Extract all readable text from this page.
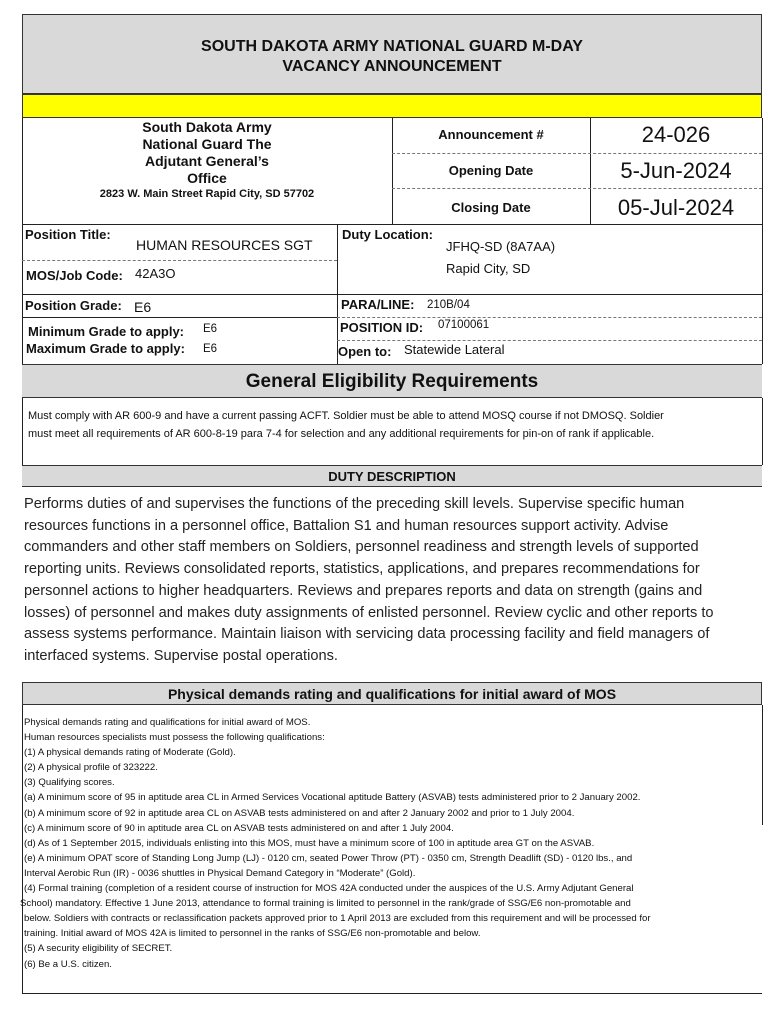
SOUTH DAKOTA ARMY NATIONAL GUARD M-DAY
VACANCY ANNOUNCEMENT
South Dakota Army
National Guard The
Adjutant General’s
Office
2823 W. Main Street Rapid City, SD 57702
Announcement #	24-026
Opening Date	5-Jun-2024
Closing Date	05-Jul-2024
Position Title:
HUMAN RESOURCES SGT
Duty Location:
JFHQ-SD (8A7AA)
Rapid City, SD
MOS/Job Code: 42A3O
Position Grade: E6	PARA/LINE: 210B/04
Minimum Grade to apply: E6
Maximum Grade to apply: E6
POSITION ID: 07100061
Open to: Statewide Lateral
General Eligibility Requirements
Must comply with AR 600-9 and have a current passing ACFT. Soldier must be able to attend MOSQ course if not DMOSQ. Soldier
must meet all requirements of AR 600-8-19 para 7-4 for selection and any additional requirements for pin-on of rank if applicable.
DUTY DESCRIPTION
Performs duties of and supervises the functions of the preceding skill levels. Supervise specific human
resources functions in a personnel office, Battalion S1 and human resources support activity. Advise
commanders and other staff members on Soldiers, personnel readiness and strength levels of supported
reporting units. Reviews consolidated reports, statistics, applications, and prepares recommendations for
personnel actions to higher headquarters. Reviews and prepares reports and data on strength (gains and
losses) of personnel and makes duty assignments of enlisted personnel. Review cyclic and other reports to
assess systems performance. Maintain liaison with servicing data processing facility and field managers of
interfaced systems. Supervise postal operations.
Physical demands rating and qualifications for initial award of MOS
Physical demands rating and qualifications for initial award of MOS.
Human resources specialists must possess the following qualifications:
(1) A physical demands rating of Moderate (Gold).
(2) A physical profile of 323222.
(3) Qualifying scores.
(a) A minimum score of 95 in aptitude area CL in Armed Services Vocational aptitude Battery (ASVAB) tests administered prior to 2 January 2002.
(b) A minimum score of 92 in aptitude area CL on ASVAB tests administered on and after 2 January 2002 and prior to 1 July 2004.
(c) A minimum score of 90 in aptitude area CL on ASVAB tests administered on and after 1 July 2004.
(d) As of 1 September 2015, individuals enlisting into this MOS, must have a minimum score of 100 in aptitude area GT on the ASVAB.
(e) A minimum OPAT score of Standing Long Jump (LJ) - 0120 cm, seated Power Throw (PT) - 0350 cm, Strength Deadlift (SD) - 0120 lbs., and
Interval Aerobic Run (IR) - 0036 shuttles in Physical Demand Category in “Moderate” (Gold).
(4) Formal training (completion of a resident course of instruction for MOS 42A conducted under the auspices of the U.S. Army Adjutant General
School) mandatory. Effective 1 June 2013, attendance to formal training is limited to personnel in the rank/grade of SSG/E6 non-promotable and
below. Soldiers with contracts or reclassification packets approved prior to 1 April 2013 are excluded from this requirement and will be processed for
training. Initial award of MOS 42A is limited to personnel in the ranks of SSG/E6 non-promotable and below.
(5) A security eligibility of SECRET.
(6) Be a U.S. citizen.
